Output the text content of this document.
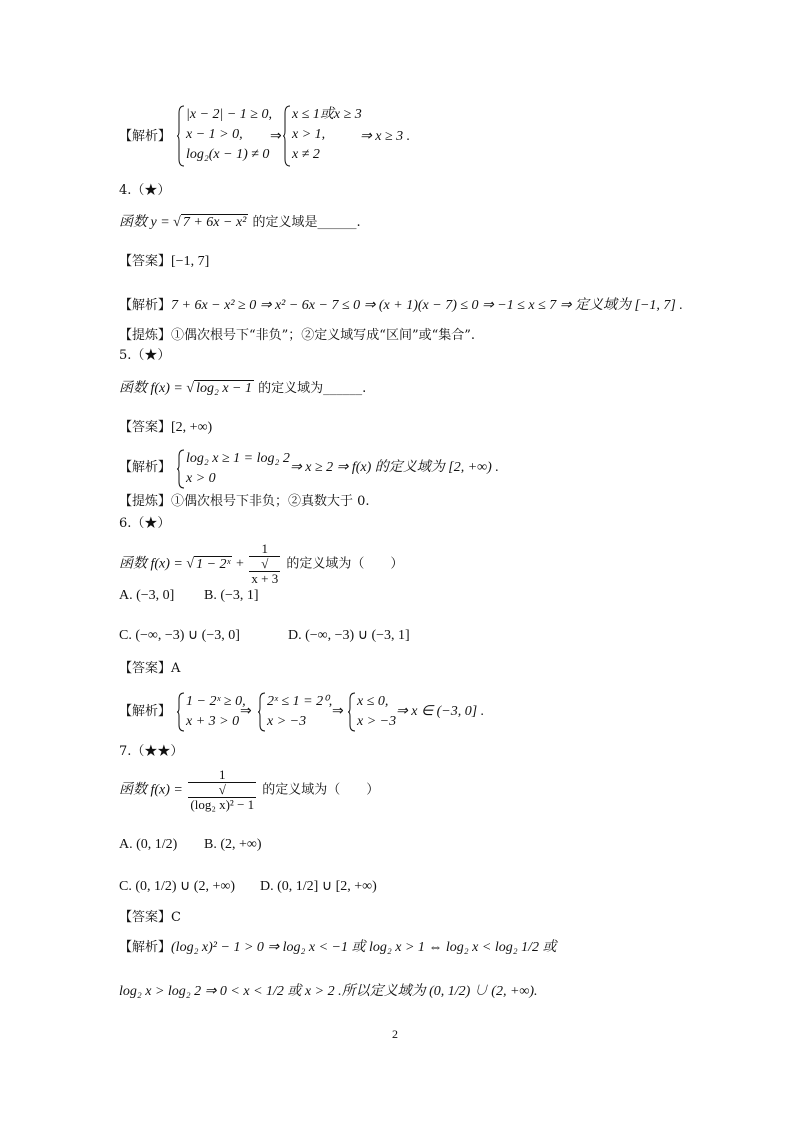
【解析】
|x − 2| − 1 ≥ 0,
x − 1 > 0,
log₂(x − 1) ≠ 0
⇒
x ≤ 1或x ≥ 3
x > 1,
x ≠ 2
⇒ x ≥ 3 .
4.（★）
函数 y = √ 7 + 6x − x² 的定义域是______.
【答案】[−1, 7]
【解析】7 + 6x − x² ≥ 0 ⇒ x² − 6x − 7 ≤ 0 ⇒ (x + 1)(x − 7) ≤ 0 ⇒ −1 ≤ x ≤ 7 ⇒ 定义域为 [−1, 7] .
【提炼】①偶次根号下“非负”；②定义域写成“区间”或“集合”.
5.（★）
函数 f(x) = √ log₂ x − 1 的定义域为______.
【答案】[2, +∞)
【解析】
log₂ x ≥ 1 = log₂ 2
x > 0
⇒ x ≥ 2 ⇒ f(x) 的定义域为 [2, +∞) .
【提炼】①偶次根号下非负；②真数大于 0.
6.（★）
函数 f(x) = √ 1 − 2ˣ + 1
√
x + 3 的定义域为（　　）
A. (−3, 0] B. (−3, 1]
C. (−∞, −3) ∪ (−3, 0]	D. (−∞, −3) ∪ (−3, 1]
【答案】A
【解析】
1 − 2ˣ ≥ 0,
x + 3 > 0
⇒
2ˣ ≤ 1 = 2⁰,
x > −3
⇒
x ≤ 0,
x > −3
⇒ x ∈ (−3, 0] .
7.（★★）
函数 f(x) = 1
√
(log₂ x)² − 1 的定义域为（　　）
A. (0, 1/2) B. (2, +∞)
C. (0, 1/2) ∪ (2, +∞) D. (0, 1/2] ∪ [2, +∞)
【答案】C
【解析】(log₂ x)² − 1 > 0 ⇒ log₂ x < −1 或 log₂ x > 1 ⇔ log₂ x < log₂ 1/2 或
log₂ x > log₂ 2 ⇒ 0 < x < 1/2 或 x > 2 .所以定义域为 (0, 1/2) ∪ (2, +∞).
2
